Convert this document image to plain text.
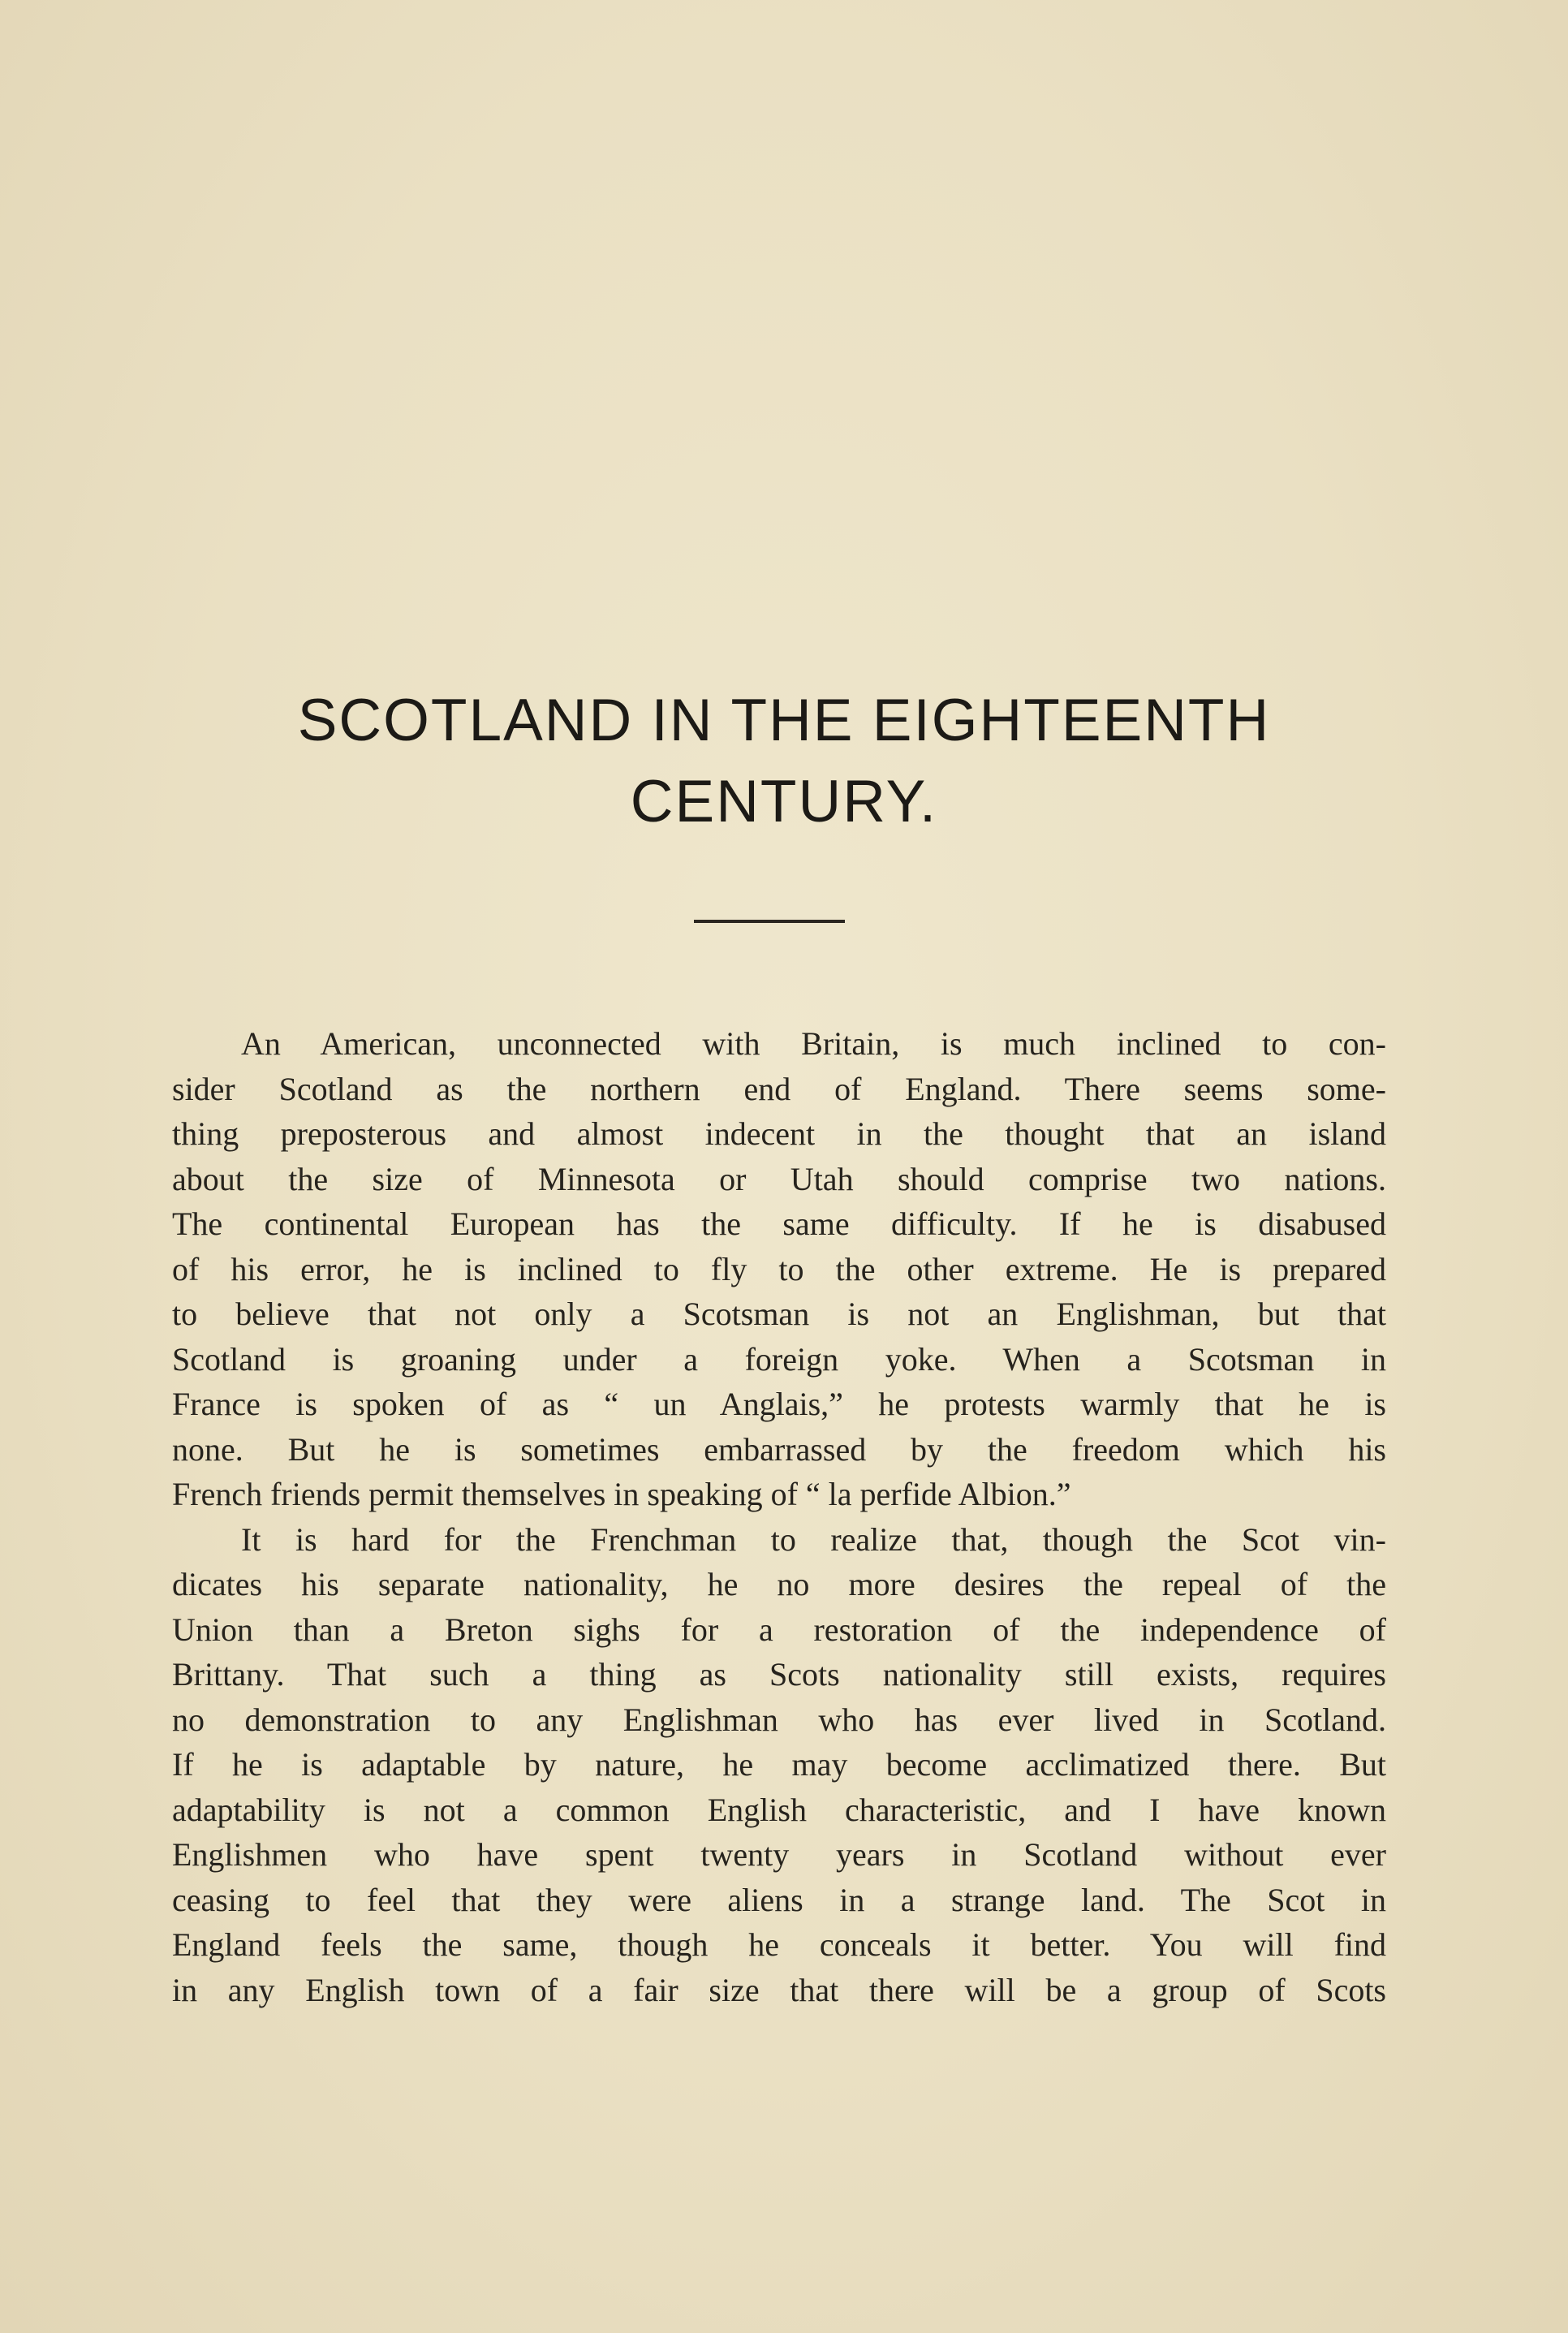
SCOTLAND IN THE EIGHTEENTH
CENTURY.
An American, unconnected with Britain, is much inclined to con-
sider Scotland as the northern end of England. There seems some-
thing preposterous and almost indecent in the thought that an island
about the size of Minnesota or Utah should comprise two nations.
The continental European has the same difficulty. If he is disabused
of his error, he is inclined to fly to the other extreme. He is prepared
to believe that not only a Scotsman is not an Englishman, but that
Scotland is groaning under a foreign yoke. When a Scotsman in
France is spoken of as “ un Anglais,” he protests warmly that he is
none. But he is sometimes embarrassed by the freedom which his
French friends permit themselves in speaking of “ la perfide Albion.”
It is hard for the Frenchman to realize that, though the Scot vin-
dicates his separate nationality, he no more desires the repeal of the
Union than a Breton sighs for a restoration of the independence of
Brittany. That such a thing as Scots nationality still exists, requires
no demonstration to any Englishman who has ever lived in Scotland.
If he is adaptable by nature, he may become acclimatized there. But
adaptability is not a common English characteristic, and I have known
Englishmen who have spent twenty years in Scotland without ever
ceasing to feel that they were aliens in a strange land. The Scot in
England feels the same, though he conceals it better. You will find
in any English town of a fair size that there will be a group of Scots
